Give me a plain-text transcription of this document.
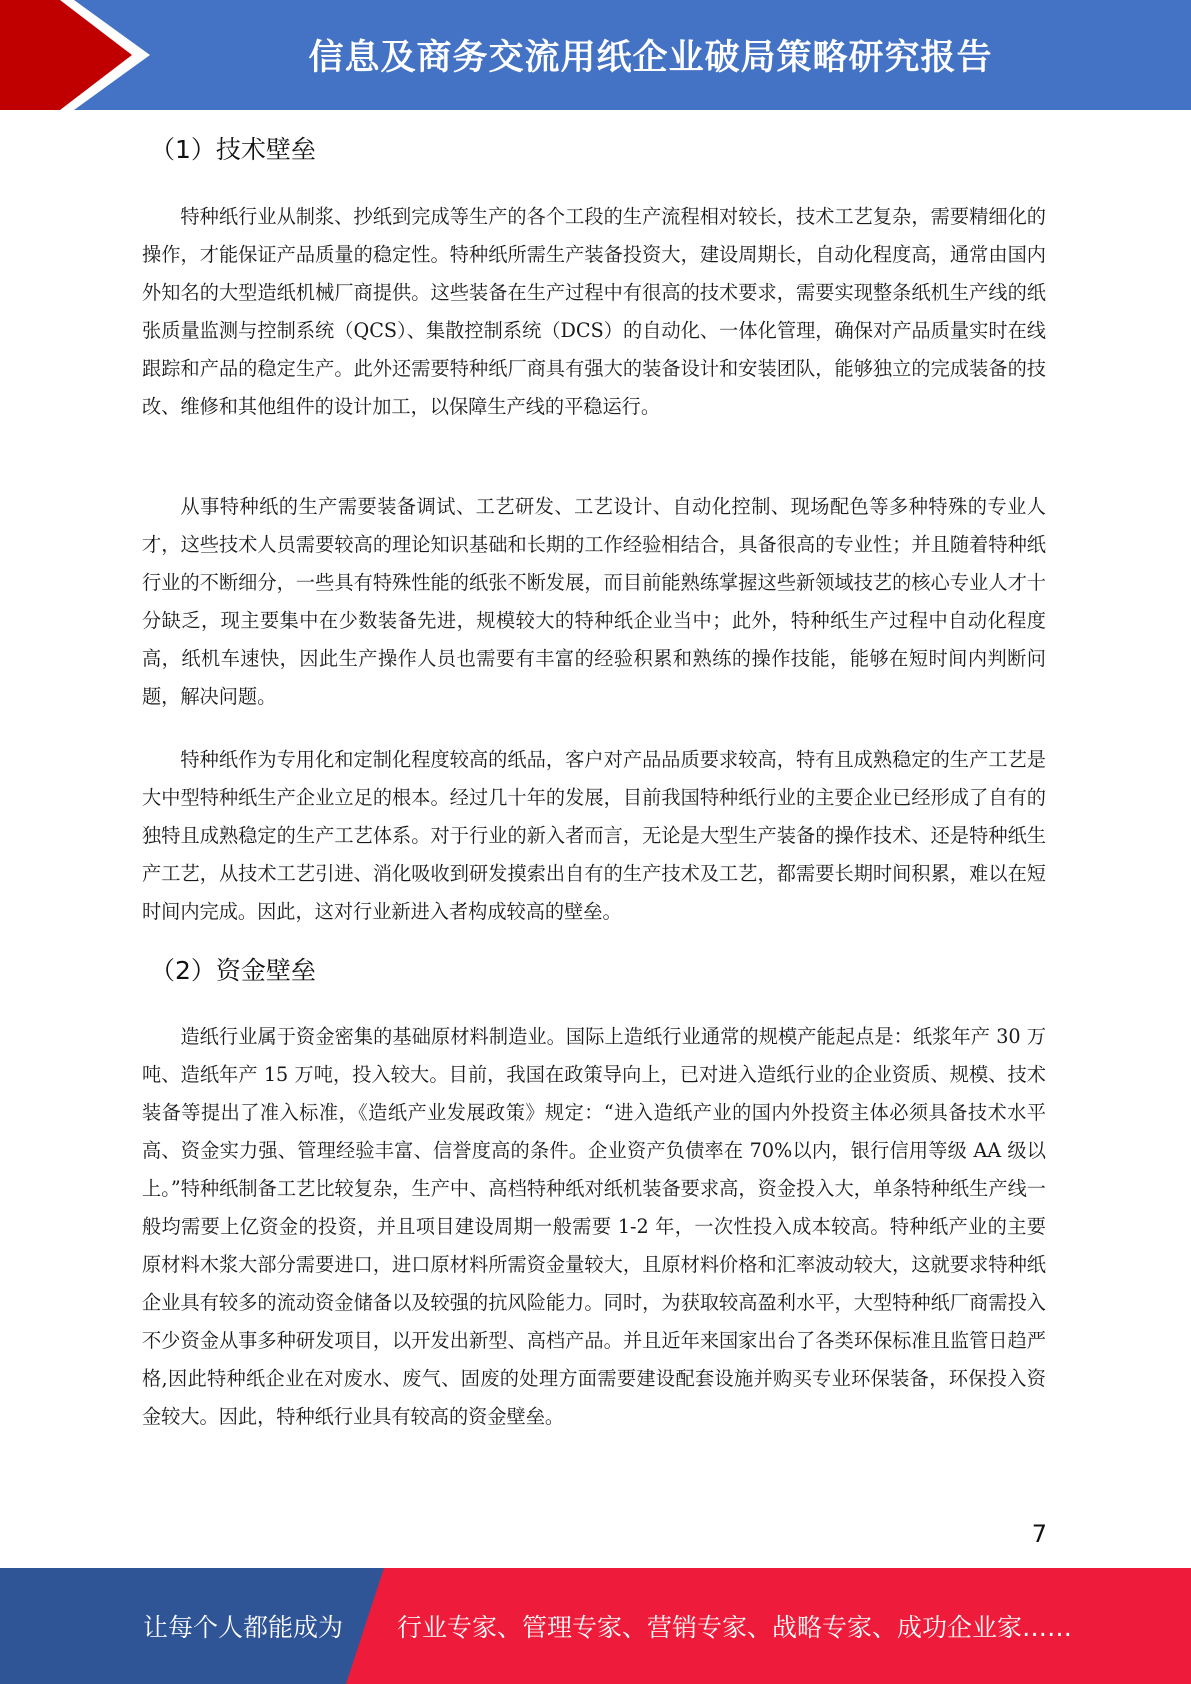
信息及商务交流用纸企业破局策略研究报告
（1）技术壁垒

特种纸行业从制浆、抄纸到完成等生产的各个工段的生产流程相对较长，技术工艺复杂，需要精细化的操作，才能保证产品质量的稳定性。特种纸所需生产装备投资大，建设周期长，自动化程度高，通常由国内外知名的大型造纸机械厂商提供。这些装备在生产过程中有很高的技术要求，需要实现整条纸机生产线的纸张质量监测与控制系统（QCS）、集散控制系统（DCS）的自动化、一体化管理，确保对产品质量实时在线跟踪和产品的稳定生产。此外还需要特种纸厂商具有强大的装备设计和安装团队，能够独立的完成装备的技改、维修和其他组件的设计加工，以保障生产线的平稳运行。

从事特种纸的生产需要装备调试、工艺研发、工艺设计、自动化控制、现场配色等多种特殊的专业人才，这些技术人员需要较高的理论知识基础和长期的工作经验相结合，具备很高的专业性；并且随着特种纸行业的不断细分，一些具有特殊性能的纸张不断发展，而目前能熟练掌握这些新领域技艺的核心专业人才十分缺乏，现主要集中在少数装备先进，规模较大的特种纸企业当中；此外，特种纸生产过程中自动化程度高，纸机车速快，因此生产操作人员也需要有丰富的经验积累和熟练的操作技能，能够在短时间内判断问题，解决问题。

特种纸作为专用化和定制化程度较高的纸品，客户对产品品质要求较高，特有且成熟稳定的生产工艺是大中型特种纸生产企业立足的根本。经过几十年的发展，目前我国特种纸行业的主要企业已经形成了自有的独特且成熟稳定的生产工艺体系。对于行业的新入者而言，无论是大型生产装备的操作技术、还是特种纸生产工艺，从技术工艺引进、消化吸收到研发摸索出自有的生产技术及工艺，都需要长期时间积累，难以在短时间内完成。因此，这对行业新进入者构成较高的壁垒。

（2）资金壁垒

造纸行业属于资金密集的基础原材料制造业。国际上造纸行业通常的规模产能起点是：纸浆年产 30 万吨、造纸年产 15 万吨，投入较大。目前，我国在政策导向上，已对进入造纸行业的企业资质、规模、技术装备等提出了准入标准，《造纸产业发展政策》规定：“进入造纸产业的国内外投资主体必须具备技术水平高、资金实力强、管理经验丰富、信誉度高的条件。企业资产负债率在 70%以内，银行信用等级 AA 级以上。”特种纸制备工艺比较复杂，生产中、高档特种纸对纸机装备要求高，资金投入大，单条特种纸生产线一般均需要上亿资金的投资，并且项目建设周期一般需要 1-2 年，一次性投入成本较高。特种纸产业的主要原材料木浆大部分需要进口，进口原材料所需资金量较大，且原材料价格和汇率波动较大，这就要求特种纸企业具有较多的流动资金储备以及较强的抗风险能力。同时，为获取较高盈利水平，大型特种纸厂商需投入不少资金从事多种研发项目，以开发出新型、高档产品。并且近年来国家出台了各类环保标准且监管日趋严格,因此特种纸企业在对废水、废气、固废的处理方面需要建设配套设施并购买专业环保装备，环保投入资金较大。因此，特种纸行业具有较高的资金壁垒。

7
让每个人都能成为 行业专家、管理专家、营销专家、战略专家、成功企业家……
